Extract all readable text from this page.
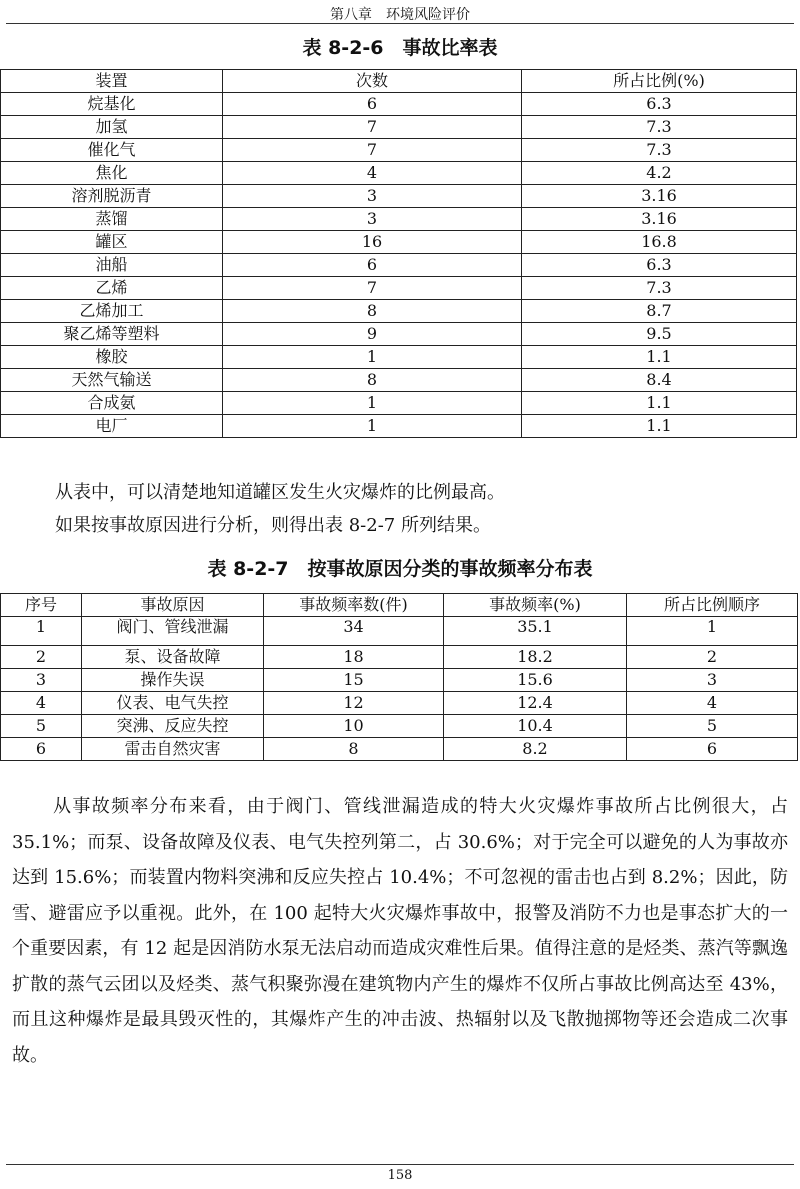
第八章　环境风险评价
表 8-2-6　事故比率表
装置	次数	所占比例(%)
烷基化	6	6.3
加氢	7	7.3
催化气	7	7.3
焦化	4	4.2
溶剂脱沥青	3	3.16
蒸馏	3	3.16
罐区	16	16.8
油船	6	6.3
乙烯	7	7.3
乙烯加工	8	8.7
聚乙烯等塑料	9	9.5
橡胶	1	1.1
天然气输送	8	8.4
合成氨	1	1.1
电厂	1	1.1

从表中，可以清楚地知道罐区发生火灾爆炸的比例最高。

如果按事故原因进行分析，则得出表 8-2-7 所列结果。

表 8-2-7　按事故原因分类的事故频率分布表
序号	事故原因	事故频率数(件)	事故频率(%)	所占比例顺序
1	阀门、管线泄漏	34	35.1	1
2	泵、设备故障	18	18.2	2
3	操作失误	15	15.6	3
4	仪表、电气失控	12	12.4	4
5	突沸、反应失控	10	10.4	5
6	雷击自然灾害	8	8.2	6

从事故频率分布来看，由于阀门、管线泄漏造成的特大火灾爆炸事故所占比例很大，占 35.1%；而泵、设备故障及仪表、电气失控列第二，占 30.6%；对于完全可以避免的人为事故亦达到 15.6%；而装置内物料突沸和反应失控占 10.4%；不可忽视的雷击也占到 8.2%；因此，防雪、避雷应予以重视。此外，在 100 起特大火灾爆炸事故中，报警及消防不力也是事态扩大的一个重要因素，有 12 起是因消防水泵无法启动而造成灾难性后果。值得注意的是烃类、蒸汽等飘逸扩散的蒸气云团以及烃类、蒸气积聚弥漫在建筑物内产生的爆炸不仅所占事故比例高达至 43%，而且这种爆炸是最具毁灭性的，其爆炸产生的冲击波、热辐射以及飞散抛掷物等还会造成二次事故。

158
